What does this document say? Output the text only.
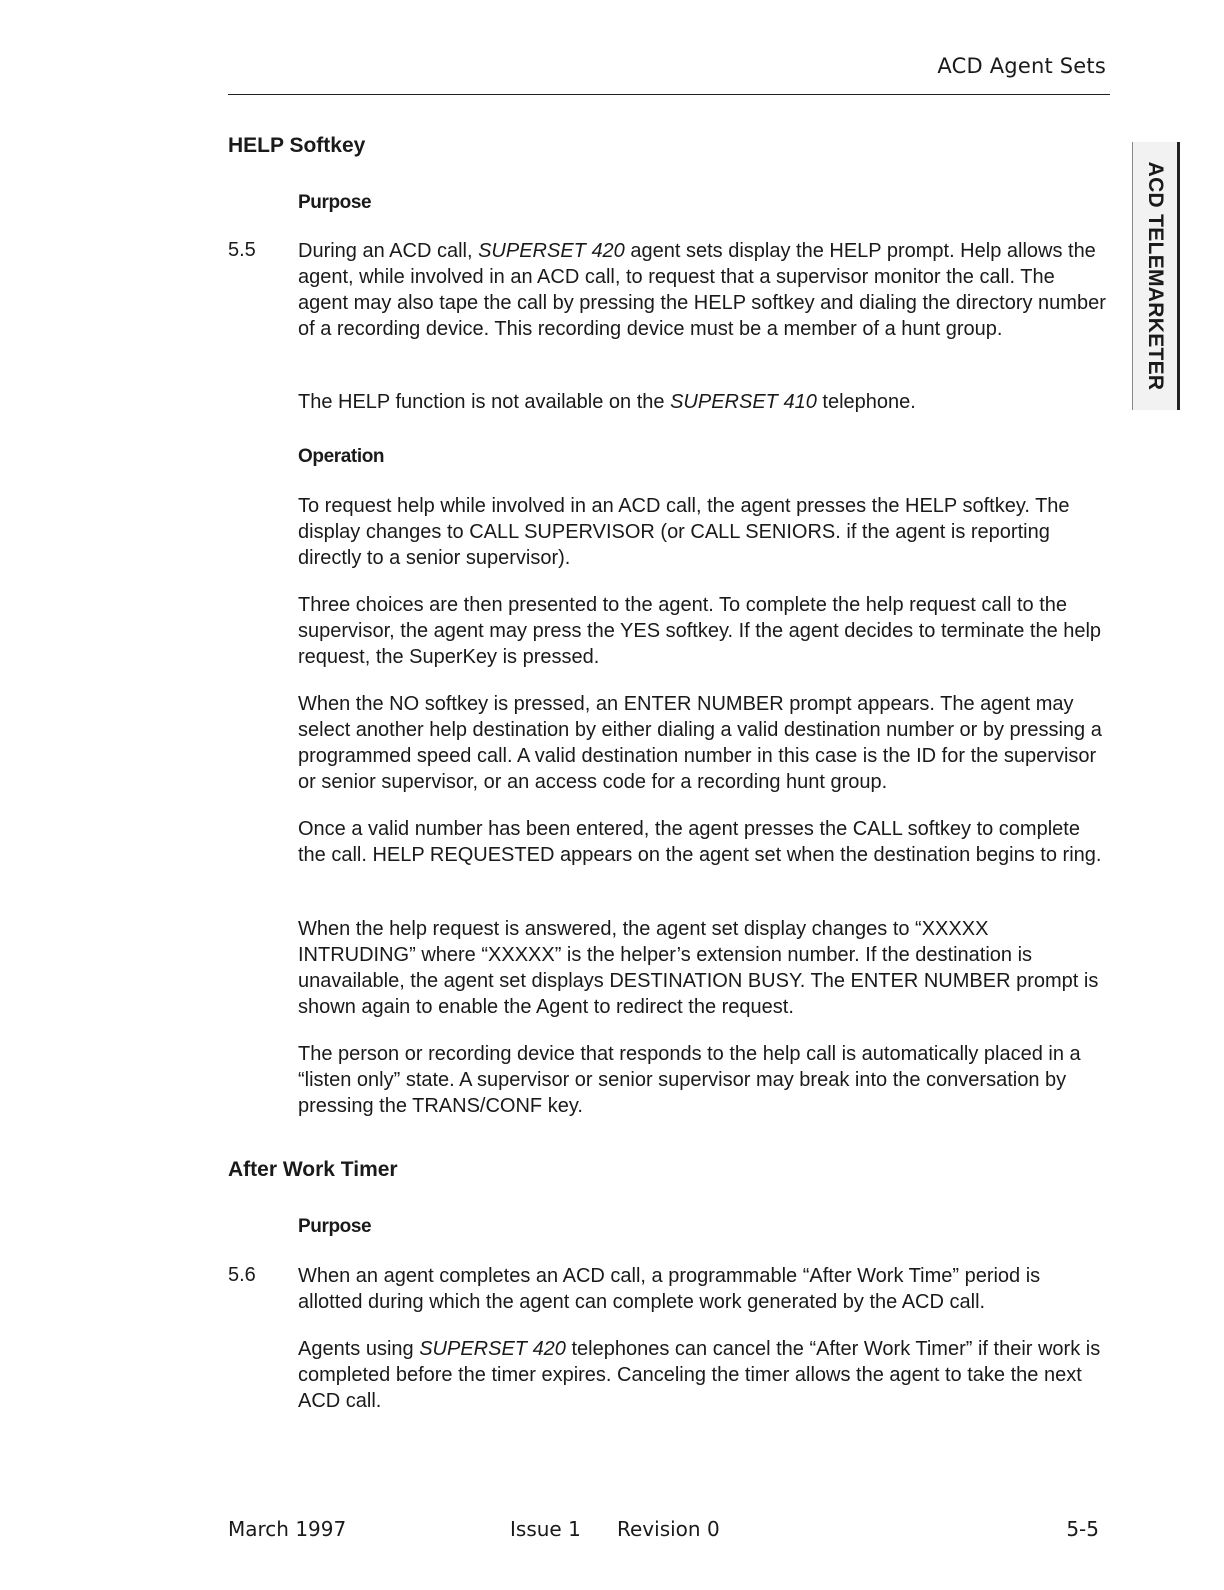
ACD Agent Sets
ACD TELEMARKETER
HELP Softkey
Purpose
5.5 During an ACD call, SUPERSET 420 agent sets display the HELP prompt. Help allows the agent, while involved in an ACD call, to request that a supervisor monitor the call. The agent may also tape the call by pressing the HELP softkey and dialing the directory number of a recording device. This recording device must be a member of a hunt group.

The HELP function is not available on the SUPERSET 410 telephone.

Operation

To request help while involved in an ACD call, the agent presses the HELP softkey. The display changes to CALL SUPERVISOR (or CALL SENIORS. if the agent is reporting directly to a senior supervisor).

Three choices are then presented to the agent. To complete the help request call to the supervisor, the agent may press the YES softkey. If the agent decides to terminate the help request, the SuperKey is pressed.

When the NO softkey is pressed, an ENTER NUMBER prompt appears. The agent may select another help destination by either dialing a valid destination number or by pressing a programmed speed call. A valid destination number in this case is the ID for the supervisor or senior supervisor, or an access code for a recording hunt group.

Once a valid number has been entered, the agent presses the CALL softkey to complete the call. HELP REQUESTED appears on the agent set when the destination begins to ring.

When the help request is answered, the agent set display changes to “XXXXX INTRUDING” where “XXXXX” is the helper’s extension number. If the destination is unavailable, the agent set displays DESTINATION BUSY. The ENTER NUMBER prompt is shown again to enable the Agent to redirect the request.

The person or recording device that responds to the help call is automatically placed in a “listen only” state. A supervisor or senior supervisor may break into the conversation by pressing the TRANS/CONF key.

After Work Timer
Purpose
5.6 When an agent completes an ACD call, a programmable “After Work Time” period is allotted during which the agent can complete work generated by the ACD call.

Agents using SUPERSET 420 telephones can cancel the “After Work Timer” if their work is completed before the timer expires. Canceling the timer allows the agent to take the next ACD call.

March 1997	Issue 1 Revision 0	5-5
